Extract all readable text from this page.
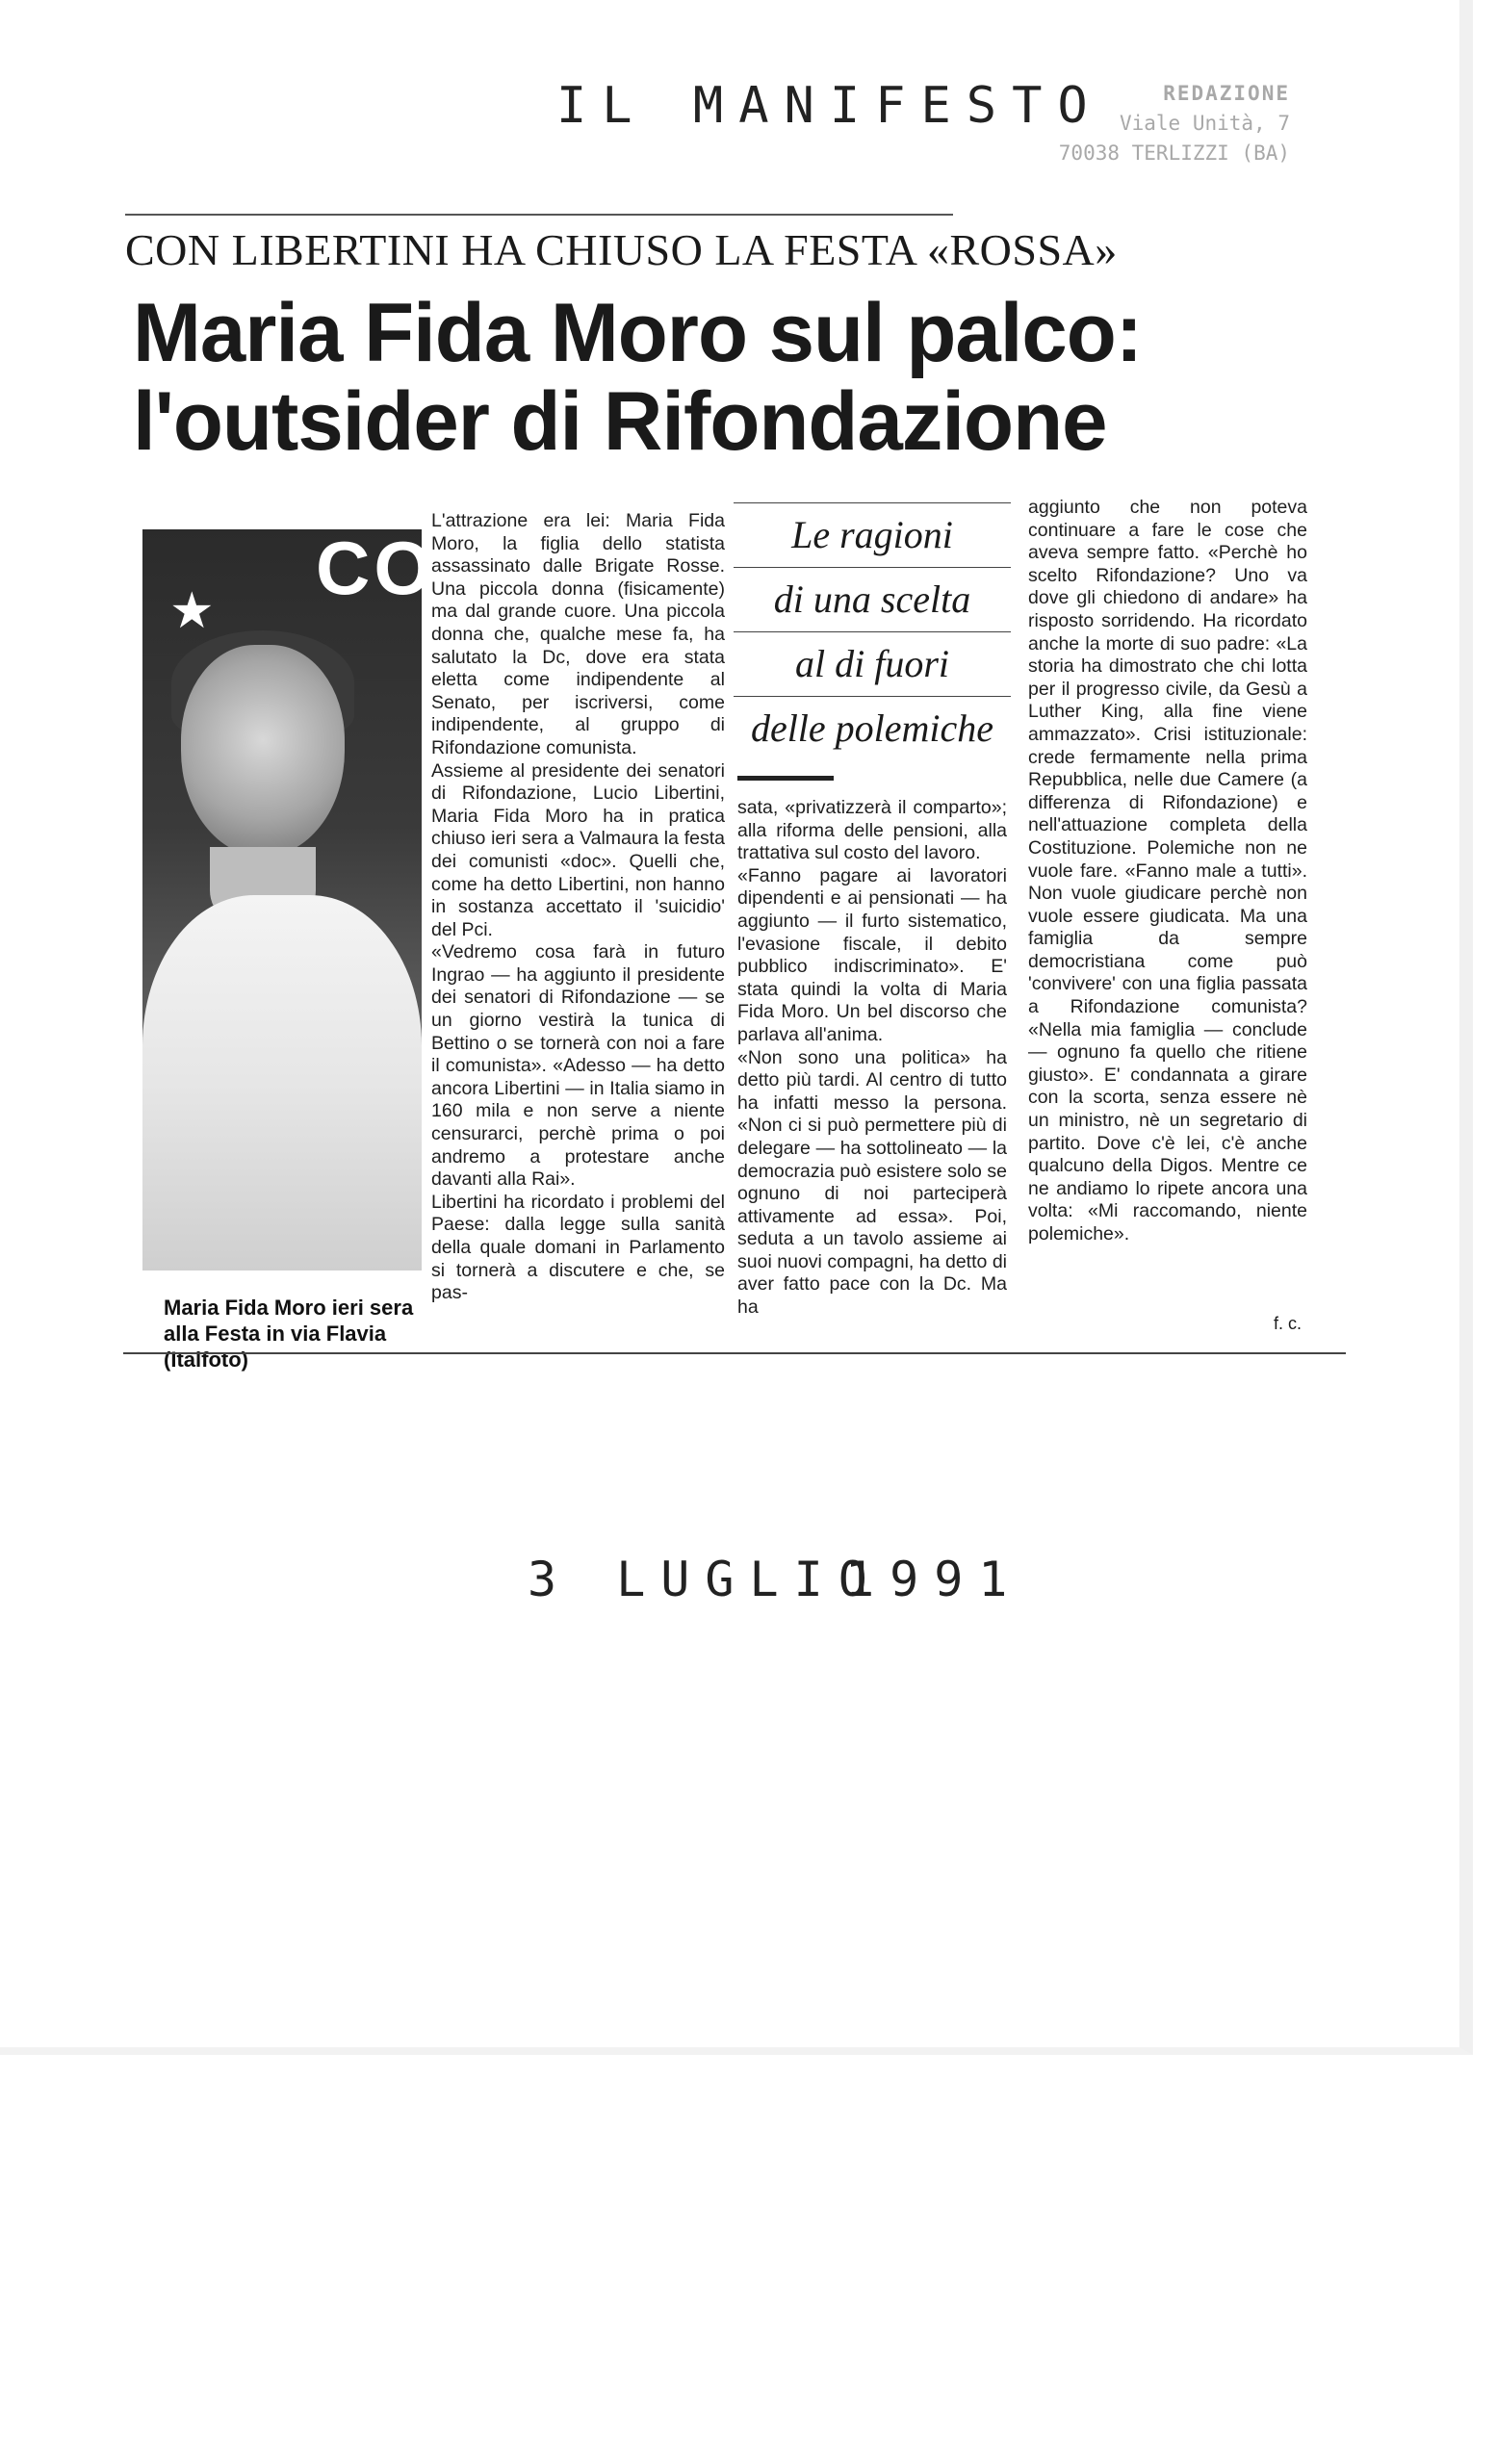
IL MANIFESTO	REDAZIONE
Viale Unità, 7
70038 TERLIZZI (BA)
CON LIBERTINI HA CHIUSO LA FESTA «ROSSA»
Maria Fida Moro sul palco:
l'outsider di Rifondazione
CO
★
Maria Fida Moro ieri sera alla Festa in via Flavia (Italfoto)

L'attrazione era lei: Maria Fida Moro, la figlia dello statista assassinato dalle Brigate Rosse. Una piccola donna (fisicamente) ma dal grande cuore. Una piccola donna che, qualche mese fa, ha salutato la Dc, dove era stata eletta come indipendente al Senato, per iscriversi, come indipendente, al gruppo di Rifondazione comunista.

Assieme al presidente dei senatori di Rifondazione, Lucio Libertini, Maria Fida Moro ha in pratica chiuso ieri sera a Valmaura la festa dei comunisti «doc». Quelli che, come ha detto Libertini, non hanno in sostanza accettato il 'suicidio' del Pci.

«Vedremo cosa farà in futuro Ingrao — ha aggiunto il presidente dei senatori di Rifondazione — se un giorno vestirà la tunica di Bettino o se tornerà con noi a fare il comunista». «Adesso — ha detto ancora Libertini — in Italia siamo in 160 mila e non serve a niente censurarci, perchè prima o poi andremo a protestare anche davanti alla Rai».

Libertini ha ricordato i problemi del Paese: dalla legge sulla sanità della quale domani in Parlamento si tornerà a discutere e che, se pas-

Le ragioni
di una scelta
al di fuori
delle polemiche

sata, «privatizzerà il comparto»; alla riforma delle pensioni, alla trattativa sul costo del lavoro.

«Fanno pagare ai lavoratori dipendenti e ai pensionati — ha aggiunto — il furto sistematico, l'evasione fiscale, il debito pubblico indiscriminato». E' stata quindi la volta di Maria Fida Moro. Un bel discorso che parlava all'anima.

«Non sono una politica» ha detto più tardi. Al centro di tutto ha infatti messo la persona. «Non ci si può permettere più di delegare — ha sottolineato — la democrazia può esistere solo se ognuno di noi parteciperà attivamente ad essa». Poi, seduta a un tavolo assieme ai suoi nuovi compagni, ha detto di aver fatto pace con la Dc. Ma ha

aggiunto che non poteva continuare a fare le cose che aveva sempre fatto. «Perchè ho scelto Rifondazione? Uno va dove gli chiedono di andare» ha risposto sorridendo. Ha ricordato anche la morte di suo padre: «La storia ha dimostrato che chi lotta per il progresso civile, da Gesù a Luther King, alla fine viene ammazzato». Crisi istituzionale: crede fermamente nella prima Repubblica, nelle due Camere (a differenza di Rifondazione) e nell'attuazione completa della Costituzione. Polemiche non ne vuole fare. «Fanno male a tutti». Non vuole giudicare perchè non vuole essere giudicata. Ma una famiglia da sempre democristiana come può 'convivere' con una figlia passata a Rifondazione comunista? «Nella mia famiglia — conclude — ognuno fa quello che ritiene giusto». E' condannata a girare con la scorta, senza essere nè un ministro, nè un segretario di partito. Dove c'è lei, c'è anche qualcuno della Digos. Mentre ce ne andiamo lo ripete ancora una volta: «Mi raccomando, niente polemiche».

f. c.
3 LUGLIO
1991
